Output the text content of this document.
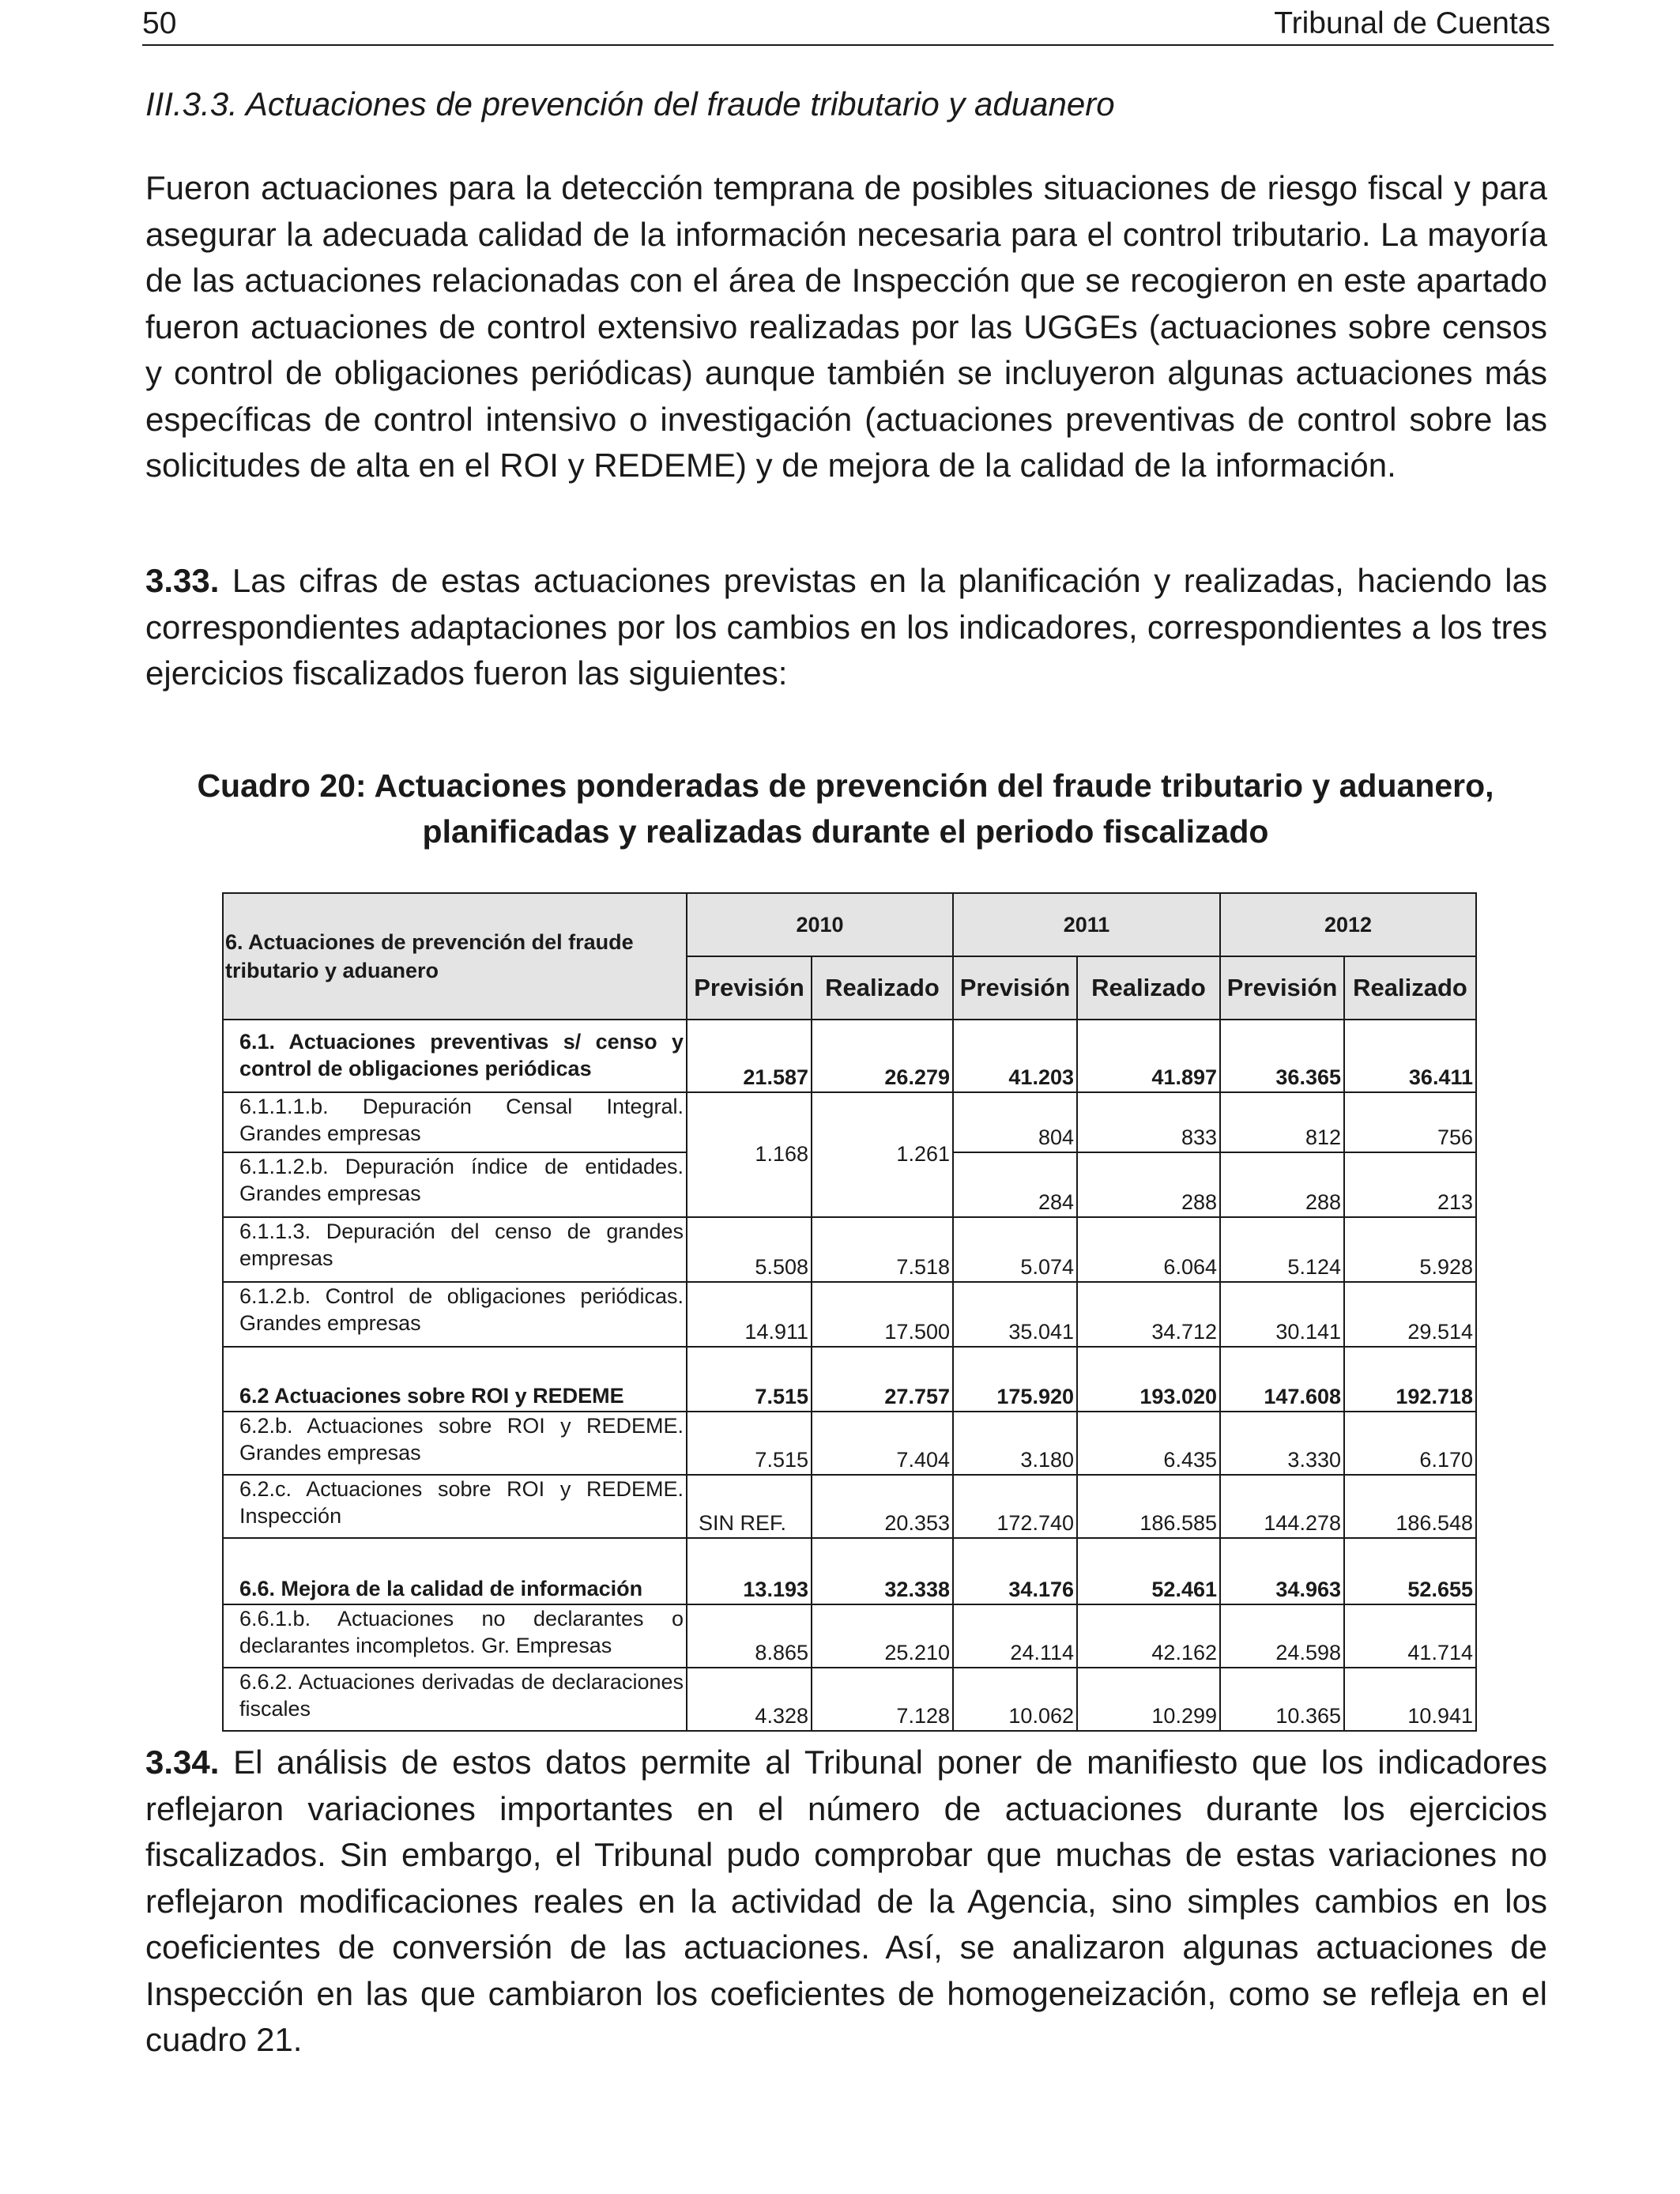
50	Tribunal de Cuentas
III.3.3. Actuaciones de prevención del fraude tributario y aduanero

Fueron actuaciones para la detección temprana de posibles situaciones de riesgo fiscal y para asegurar la adecuada calidad de la información necesaria para el control tributario. La mayoría de las actuaciones relacionadas con el área de Inspección que se recogieron en este apartado fueron actuaciones de control extensivo realizadas por las UGGEs (actuaciones sobre censos y control de obligaciones periódicas) aunque también se incluyeron algunas actuaciones más específicas de control intensivo o investigación (actuaciones preventivas de control sobre las solicitudes de alta en el ROI y REDEME) y de mejora de la calidad de la información.

3.33. Las cifras de estas actuaciones previstas en la planificación y realizadas, haciendo las correspondientes adaptaciones por los cambios en los indicadores, correspondientes a los tres ejercicios fiscalizados fueron las siguientes:

Cuadro 20: Actuaciones ponderadas de prevención del fraude tributario y aduanero,
planificadas y realizadas durante el periodo fiscalizado
6. Actuaciones de prevención del fraude tributario y aduanero	2010		2011		2012	
	Previsión	Realizado	Previsión	Realizado	Previsión	Realizado
6.1. Actuaciones preventivas s/ censo y control de obligaciones periódicas	21.587	26.279	41.203	41.897	36.365	36.411
6.1.1.1.b. Depuración Censal Integral. Grandes empresas	1.168	1.261	804	833	812	756
6.1.1.2.b. Depuración índice de entidades. Grandes empresas			284	288	288	213
6.1.1.3. Depuración del censo de grandes empresas	5.508	7.518	5.074	6.064	5.124	5.928
6.1.2.b. Control de obligaciones periódicas. Grandes empresas	14.911	17.500	35.041	34.712	30.141	29.514
6.2 Actuaciones sobre ROI y REDEME	7.515	27.757	175.920	193.020	147.608	192.718
6.2.b. Actuaciones sobre ROI y REDEME. Grandes empresas	7.515	7.404	3.180	6.435	3.330	6.170
6.2.c. Actuaciones sobre ROI y REDEME. Inspección	SIN REF.	20.353	172.740	186.585	144.278	186.548
6.6. Mejora de la calidad de información	13.193	32.338	34.176	52.461	34.963	52.655
6.6.1.b. Actuaciones no declarantes o declarantes incompletos. Gr. Empresas	8.865	25.210	24.114	42.162	24.598	41.714
6.6.2. Actuaciones derivadas de declaraciones fiscales	4.328	7.128	10.062	10.299	10.365	10.941

3.34. El análisis de estos datos permite al Tribunal poner de manifiesto que los indicadores reflejaron variaciones importantes en el número de actuaciones durante los ejercicios fiscalizados. Sin embargo, el Tribunal pudo comprobar que muchas de estas variaciones no reflejaron modificaciones reales en la actividad de la Agencia, sino simples cambios en los coeficientes de conversión de las actuaciones. Así, se analizaron algunas actuaciones de Inspección en las que cambiaron los coeficientes de homogeneización, como se refleja en el cuadro 21.
